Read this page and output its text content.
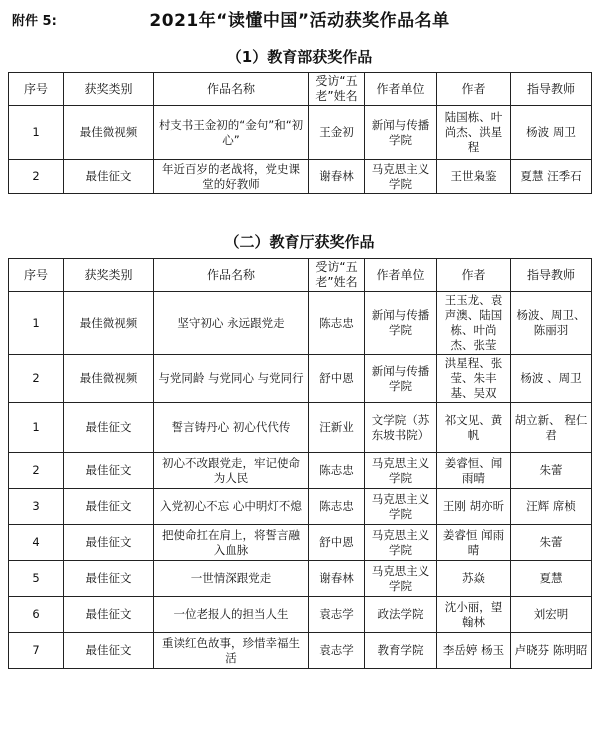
2021年“读懂中国”活动获奖作品名单
附件 5:
（1）教育部获奖作品
序号	获奖类别	作品名称	受访“五老”姓名	作者单位	作者	指导教师
1	最佳微视频	村支书王金初的“金句”和“初心”	王金初	新闻与传播学院	陆国栋、叶尚杰、洪星程	杨波 周卫
2	最佳征文	年近百岁的老战将，党史课堂的好教师	谢春林	马克思主义学院	王世枭鉴	夏慧 汪季石
（二）教育厅获奖作品
序号	获奖类别	作品名称	受访“五老”姓名	作者单位	作者	指导教师
1	最佳微视频	坚守初心 永远跟党走	陈志忠	新闻与传播学院	王玉龙、袁声澳、陆国栋、叶尚杰、张莹	杨波、周卫、陈丽羽
2	最佳微视频	与党同龄 与党同心 与党同行	舒中恩	新闻与传播学院	洪星程、张莹、朱丰基、吴双	杨波 、周卫
1	最佳征文	誓言铸丹心 初心代代传	汪新业	文学院（苏东坡书院）	祁文见、黄帆	胡立新、 程仁君
2	最佳征文	初心不改跟党走，牢记使命为人民	陈志忠	马克思主义学院	姜睿恒、闻雨晴	朱蕾
3	最佳征文	入党初心不忘 心中明灯不熄	陈志忠	马克思主义学院	王刚 胡亦昕	汪辉 席桢
4	最佳征文	把使命扛在肩上，将誓言融入血脉	舒中恩	马克思主义学院	姜睿恒 闻雨晴	朱蕾
5	最佳征文	一世情深跟党走	谢春林	马克思主义学院	苏焱	夏慧
6	最佳征文	一位老报人的担当人生	袁志学	政法学院	沈小丽，望翰林	刘宏明
7	最佳征文	重读红色故事，珍惜幸福生活	袁志学	教育学院	李岳婷 杨玉	卢晓芬 陈明昭
